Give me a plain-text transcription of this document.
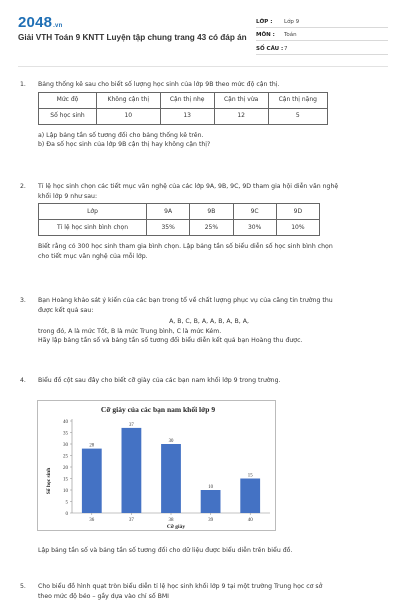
2048.vn
Giải VTH Toán 9 KNTT Luyện tập chung trang 43 có đáp án
LỚP :	Lớp 9
MÔN :	Toán
SỐ CÂU : 7
1. Bảng thống kê sau cho biết số lượng học sinh của lớp 9B theo mức độ cận thị.
Mức độ	Không cận thị	Cận thị nhẹ	Cận thị vừa	Cận thị nặng
Số học sinh	10	13	12	5
a) Lập bảng tần số tương đối cho bảng thống kê trên.
b) Đa số học sinh của lớp 9B cận thị hay không cận thị?
2. Tỉ lệ học sinh chọn các tiết mục văn nghệ của các lớp 9A, 9B, 9C, 9D tham gia hội diễn văn nghệ
khối lớp 9 như sau:
Lớp	9A	9B	9C	9D
Tỉ lệ học sinh bình chọn	35%	25%	30%	10%
Biết rằng có 300 học sinh tham gia bình chọn. Lập bảng tần số biểu diễn số học sinh bình chọn
cho tiết mục văn nghệ của mỗi lớp.
3. Bạn Hoàng khảo sát ý kiến của các bạn trong tổ về chất lượng phục vụ của căng tin trường thu
được kết quả sau:
A, B, C, B, A, A, B, A, B, A,
trong đó, A là mức Tốt, B là mức Trung bình, C là mức Kém.
Hãy lập bảng tần số và bảng tần số tương đối biểu diễn kết quả bạn Hoàng thu được.
4. Biểu đồ cột sau đây cho biết cỡ giày của các bạn nam khối lớp 9 trong trường.
Cỡ giày của các bạn nam khối lớp 9
Số học sinh
Cỡ giày
0
5
10
15
20
25
30
35
40
36	37	38	39	40
28
37
30
10
15
Lập bảng tần số và bảng tần số tương đối cho dữ liệu được biểu diễn trên biểu đồ.
5. Cho biểu đồ hình quạt tròn biểu diễn tỉ lệ học sinh khối lớp 9 tại một trường Trung học cơ sở
theo mức độ béo – gầy dựa vào chỉ số BMI
